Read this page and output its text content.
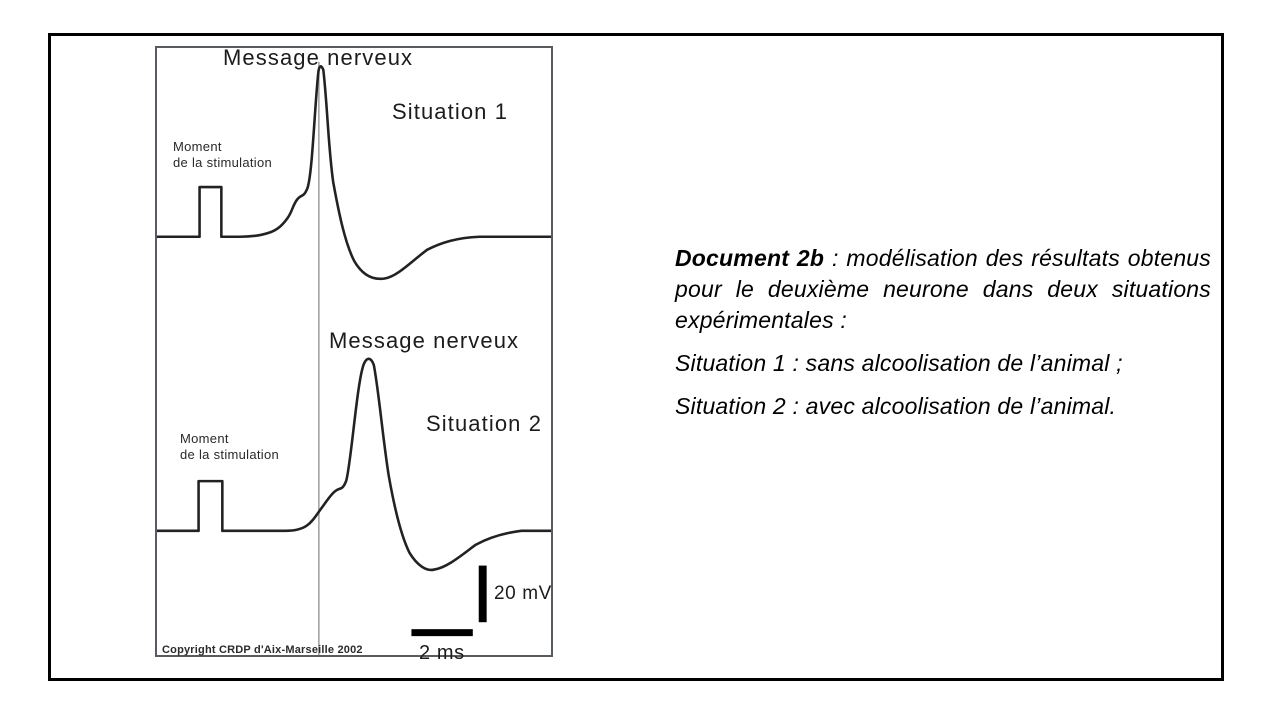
Message nerveux
Situation 1
Moment
de la stimulation
Message nerveux
Situation 2
Moment
de la stimulation
20 mV
2 ms
Copyright CRDP d'Aix-Marseille 2002

Document 2b : modélisation des résultats obtenus pour le deuxième neurone dans deux situations expérimentales :

Situation 1 : sans alcoolisation de l’animal ;

Situation 2 : avec alcoolisation de l’animal.
